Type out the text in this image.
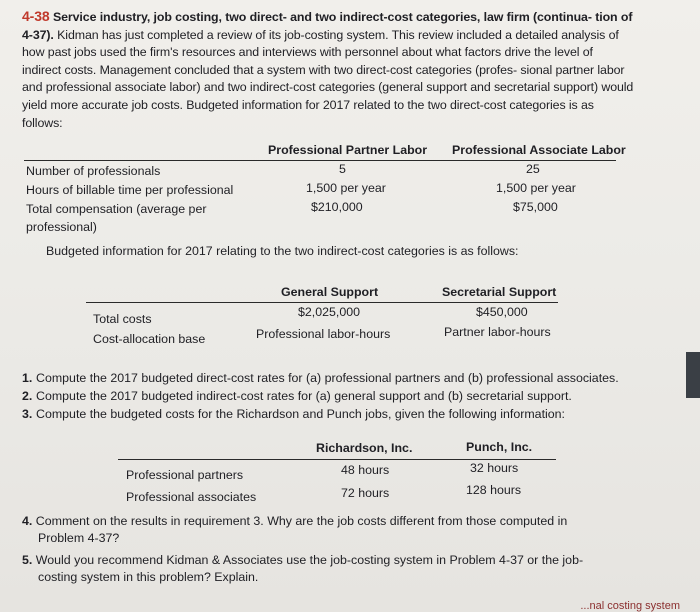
4-38 Service industry, job costing, two direct- and two indirect-cost categories, law firm (continua- tion of 4-37). Kidman has just completed a review of its job-costing system. This review included a detailed analysis of how past jobs used the firm's resources and interviews with personnel about what factors drive the level of indirect costs. Management concluded that a system with two direct-cost categories (profes- sional partner labor and professional associate labor) and two indirect-cost categories (general support and secretarial support) would yield more accurate job costs. Budgeted information for 2017 related to the two direct-cost categories is as follows:
Professional Partner Labor Professional Associate Labor
Number of professionals	5	25
Hours of billable time per professional	1,500 per year	1,500 per year
Total compensation (average per
professional)
$210,000	$75,000
Budgeted information for 2017 relating to the two indirect-cost categories is as follows:
General Support	Secretarial Support
Total costs	$2,025,000	$450,000
Cost-allocation base	Professional labor-hours	Partner labor-hours
1. Compute the 2017 budgeted direct-cost rates for (a) professional partners and (b) professional associates.
2. Compute the 2017 budgeted indirect-cost rates for (a) general support and (b) secretarial support.
3. Compute the budgeted costs for the Richardson and Punch jobs, given the following information:
Richardson, Inc.	Punch, Inc.
Professional partners	48 hours	32 hours
Professional associates	72 hours	128 hours
4. Comment on the results in requirement 3. Why are the job costs different from those computed in
Problem 4-37?
5. Would you recommend Kidman & Associates use the job-costing system in Problem 4-37 or the job-
costing system in this problem? Explain.
...nal costing system
